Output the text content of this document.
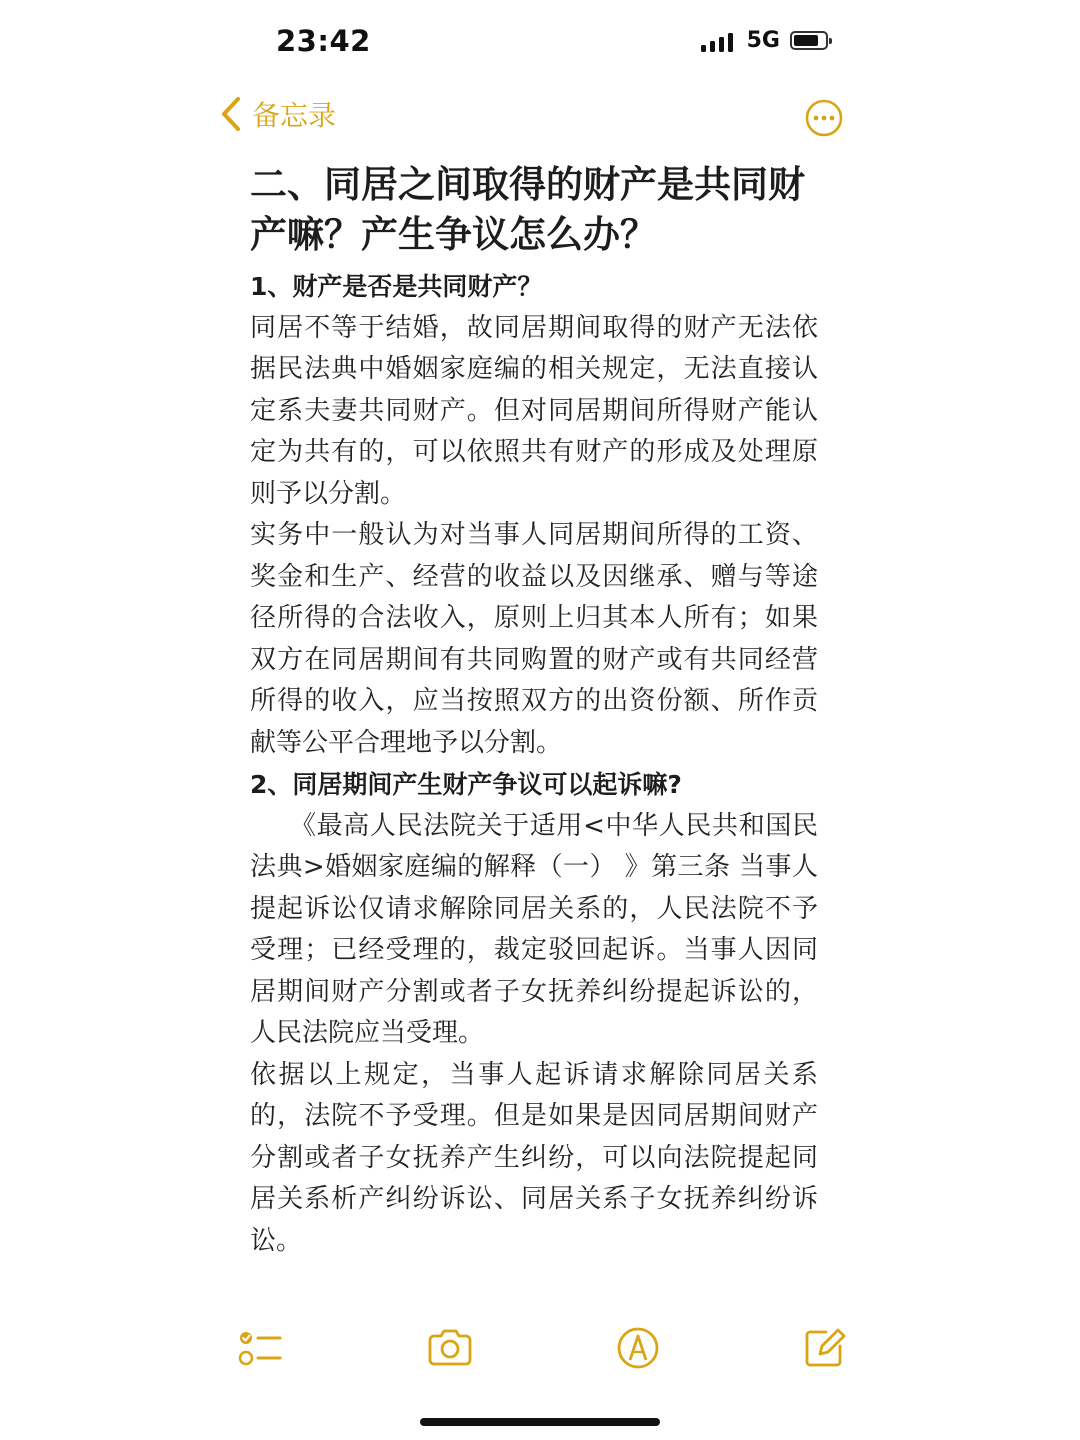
23:42	5G
备忘录
二、同居之间取得的财产是共同财产嘛？产生争议怎么办？
1、财产是否是共同财产？
同居不等于结婚，故同居期间取得的财产无法依据民法典中婚姻家庭编的相关规定，无法直接认定系夫妻共同财产。但对同居期间所得财产能认定为共有的，可以依照共有财产的形成及处理原则予以分割。
实务中一般认为对当事人同居期间所得的工资、奖金和生产、经营的收益以及因继承、赠与等途径所得的合法收入，原则上归其本人所有；如果双方在同居期间有共同购置的财产或有共同经营所得的收入，应当按照双方的出资份额、所作贡献等公平合理地予以分割。
2、同居期间产生财产争议可以起诉嘛?
《最高人民法院关于适用<中华人民共和国民法典>婚姻家庭编的解释（一） 》第三条 当事人提起诉讼仅请求解除同居关系的，人民法院不予受理；已经受理的，裁定驳回起诉。当事人因同居期间财产分割或者子女抚养纠纷提起诉讼的，人民法院应当受理。
依据以上规定，当事人起诉请求解除同居关系的，法院不予受理。但是如果是因同居期间财产分割或者子女抚养产生纠纷，可以向法院提起同居关系析产纠纷诉讼、同居关系子女抚养纠纷诉讼。
